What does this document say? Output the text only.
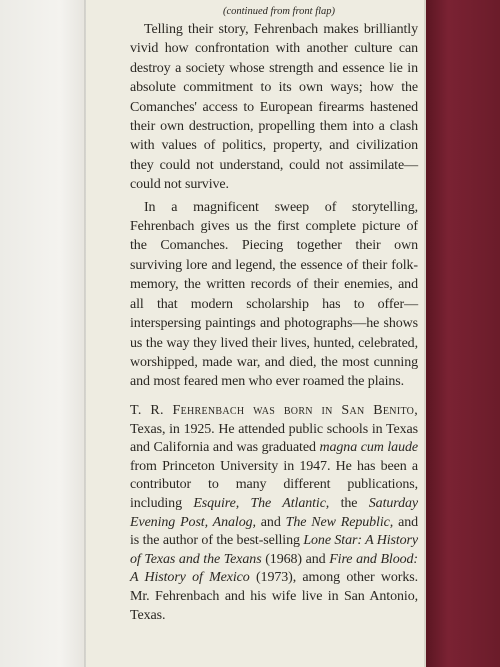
(continued from front flap)

Telling their story, Fehrenbach makes brilliantly vivid how confrontation with another culture can destroy a society whose strength and essence lie in absolute commitment to its own ways; how the Comanches' access to European firearms hastened their own destruction, propelling them into a clash with values of politics, property, and civilization they could not understand, could not assimilate—could not survive.

In a magnificent sweep of storytelling, Fehrenbach gives us the first complete picture of the Comanches. Piecing together their own surviving lore and legend, the essence of their folk-memory, the written records of their enemies, and all that modern scholarship has to offer—interspersing paintings and photographs—he shows us the way they lived their lives, hunted, celebrated, worshipped, made war, and died, the most cunning and most feared men who ever roamed the plains.

T. R. Fehrenbach was born in San Benito, Texas, in 1925. He attended public schools in Texas and California and was graduated magna cum laude from Princeton University in 1947. He has been a contributor to many different publications, including Esquire, The Atlantic, the Saturday Evening Post, Analog, and The New Republic, and is the author of the best-selling Lone Star: A History of Texas and the Texans (1968) and Fire and Blood: A History of Mexico (1973), among other works. Mr. Fehrenbach and his wife live in San Antonio, Texas.
